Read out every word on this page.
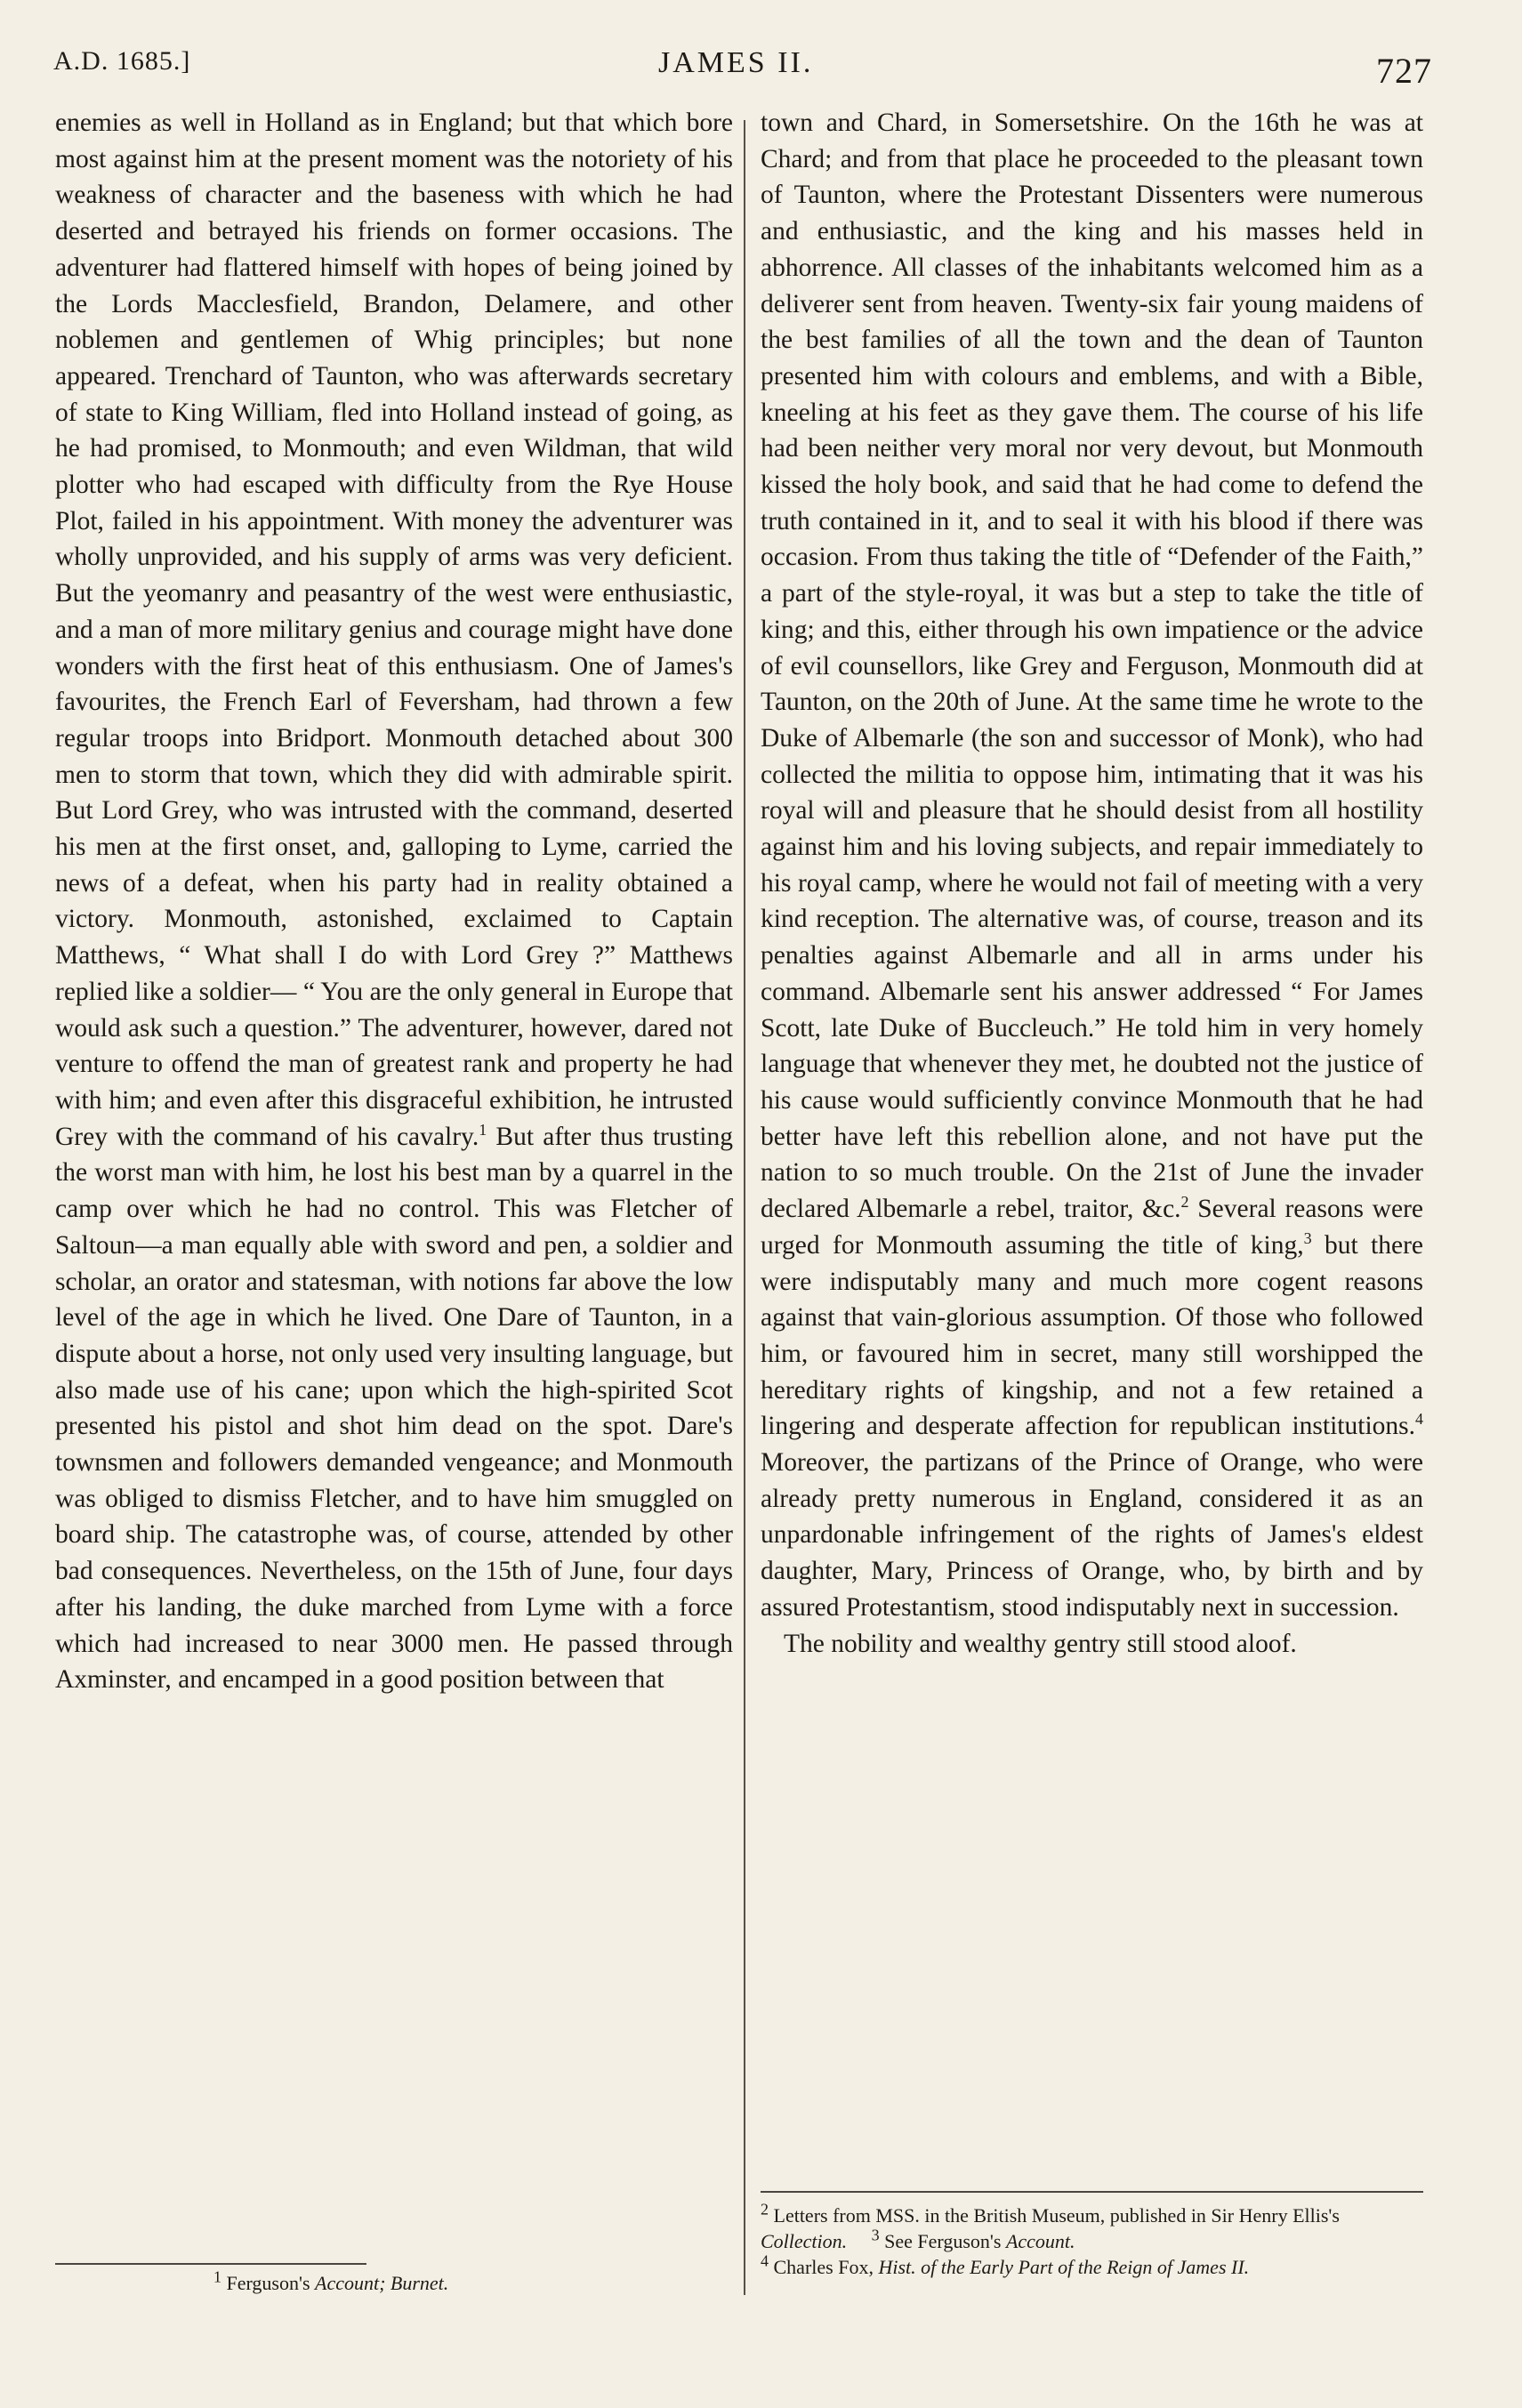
A.D. 1685.]	JAMES II.	727

enemies as well in Holland as in England; but that which bore most against him at the present moment was the notoriety of his weakness of character and the baseness with which he had deserted and betrayed his friends on former occasions. The adventurer had flattered himself with hopes of being joined by the Lords Macclesfield, Brandon, Delamere, and other noblemen and gentlemen of Whig principles; but none appeared. Trenchard of Taunton, who was afterwards secretary of state to King William, fled into Holland instead of going, as he had promised, to Monmouth; and even Wildman, that wild plotter who had escaped with difficulty from the Rye House Plot, failed in his appointment. With money the adventurer was wholly unprovided, and his supply of arms was very deficient. But the yeomanry and peasantry of the west were enthusiastic, and a man of more military genius and courage might have done wonders with the first heat of this enthusiasm. One of James's favourites, the French Earl of Feversham, had thrown a few regular troops into Bridport. Monmouth detached about 300 men to storm that town, which they did with admirable spirit. But Lord Grey, who was intrusted with the command, deserted his men at the first onset, and, galloping to Lyme, carried the news of a defeat, when his party had in reality obtained a victory. Monmouth, astonished, exclaimed to Captain Matthews, “ What shall I do with Lord Grey ?” Matthews replied like a soldier— “ You are the only general in Europe that would ask such a question.” The adventurer, however, dared not venture to offend the man of greatest rank and property he had with him; and even after this disgraceful exhibition, he intrusted Grey with the command of his cavalry.$^1$ But after thus trusting the worst man with him, he lost his best man by a quarrel in the camp over which he had no control. This was Fletcher of Saltoun—a man equally able with sword and pen, a soldier and scholar, an orator and statesman, with notions far above the low level of the age in which he lived. One Dare of Taunton, in a dispute about a horse, not only used very insulting language, but also made use of his cane; upon which the high-spirited Scot presented his pistol and shot him dead on the spot. Dare's townsmen and followers demanded vengeance; and Monmouth was obliged to dismiss Fletcher, and to have him smuggled on board ship. The catastrophe was, of course, attended by other bad consequences. Nevertheless, on the 15th of June, four days after his landing, the duke marched from Lyme with a force which had increased to near 3000 men. He passed through Axminster, and encamped in a good position between that

town and Chard, in Somersetshire. On the 16th he was at Chard; and from that place he proceeded to the pleasant town of Taunton, where the Protestant Dissenters were numerous and enthusiastic, and the king and his masses held in abhorrence. All classes of the inhabitants welcomed him as a deliverer sent from heaven. Twenty-six fair young maidens of the best families of all the town and the dean of Taunton presented him with colours and emblems, and with a Bible, kneeling at his feet as they gave them. The course of his life had been neither very moral nor very devout, but Monmouth kissed the holy book, and said that he had come to defend the truth contained in it, and to seal it with his blood if there was occasion. From thus taking the title of “Defender of the Faith,” a part of the style-royal, it was but a step to take the title of king; and this, either through his own impatience or the advice of evil counsellors, like Grey and Ferguson, Monmouth did at Taunton, on the 20th of June. At the same time he wrote to the Duke of Albemarle (the son and successor of Monk), who had collected the militia to oppose him, intimating that it was his royal will and pleasure that he should desist from all hostility against him and his loving subjects, and repair immediately to his royal camp, where he would not fail of meeting with a very kind reception. The alternative was, of course, treason and its penalties against Albemarle and all in arms under his command. Albemarle sent his answer addressed “ For James Scott, late Duke of Buccleuch.” He told him in very homely language that whenever they met, he doubted not the justice of his cause would sufficiently convince Monmouth that he had better have left this rebellion alone, and not have put the nation to so much trouble. On the 21st of June the invader declared Albemarle a rebel, traitor, &c.$^2$ Several reasons were urged for Monmouth assuming the title of king,$^3$ but there were indisputably many and much more cogent reasons against that vain-glorious assumption. Of those who followed him, or favoured him in secret, many still worshipped the hereditary rights of kingship, and not a few retained a lingering and desperate affection for republican institutions.$^4$ Moreover, the partizans of the Prince of Orange, who were already pretty numerous in England, considered it as an unpardonable infringement of the rights of James's eldest daughter, Mary, Princess of Orange, who, by birth and by assured Protestantism, stood indisputably next in succession.

The nobility and wealthy gentry still stood aloof.

$^1$ Ferguson's Account; Burnet.

$^2$ Letters from MSS. in the British Museum, published in Sir Henry Ellis's Collection. $^3$ See Ferguson's Account.

$^4$ Charles Fox, Hist. of the Early Part of the Reign of James II.
